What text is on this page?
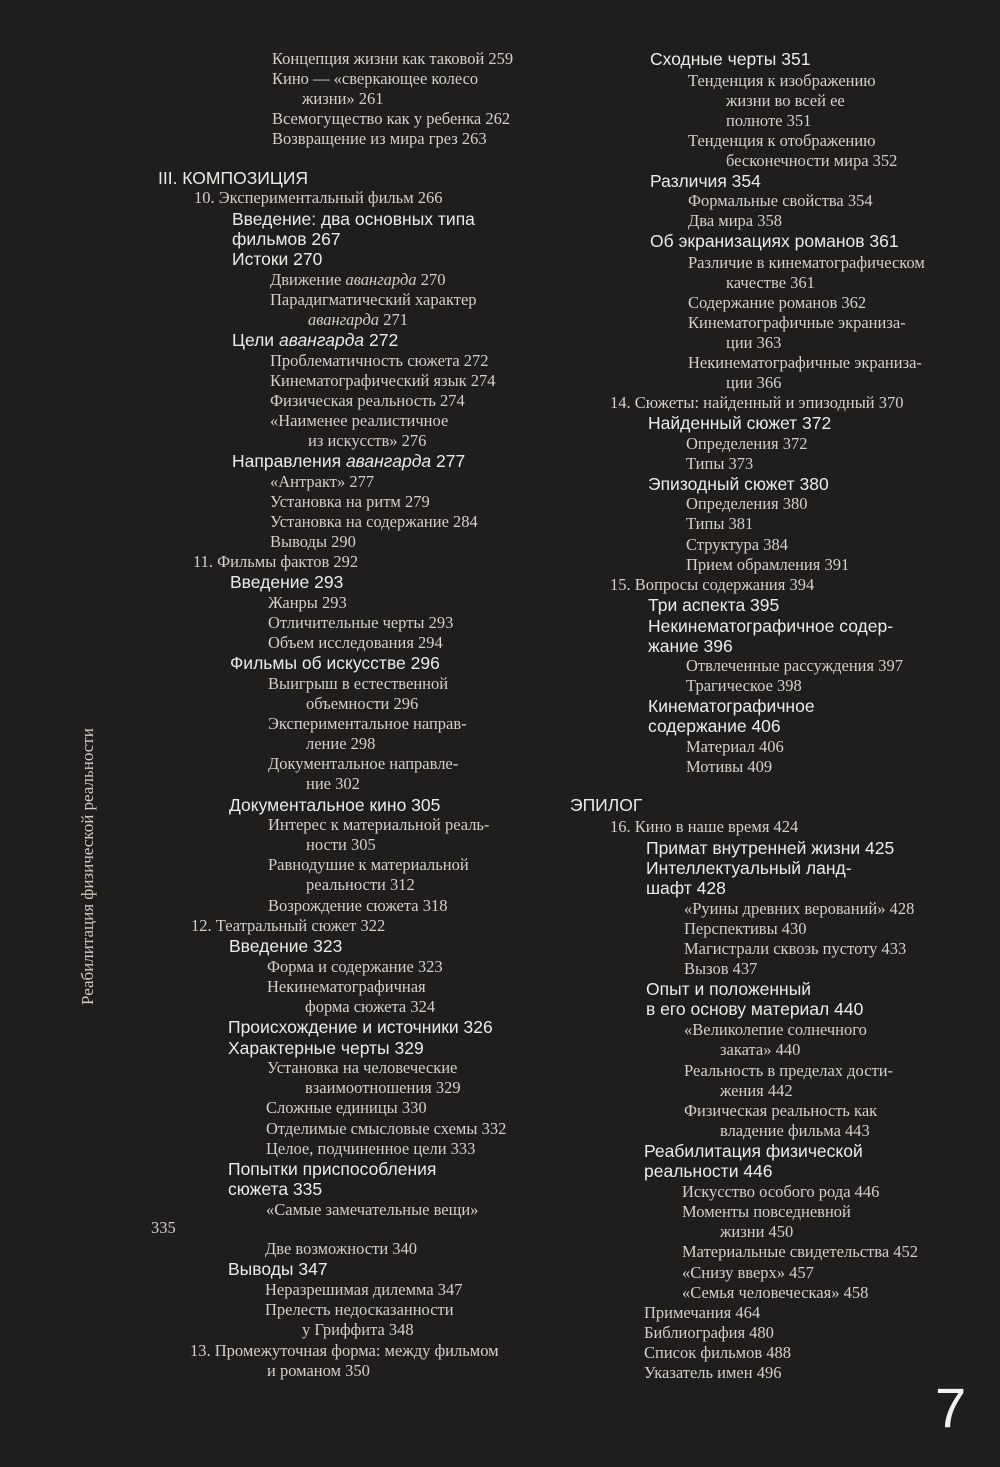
Реабилитация физической реальности
Концепция жизни как таковой 259
Кино — «сверкающее колесо
жизни» 261
Всемогущество как у ребенка 262
Возвращение из мира грез 263
III. КОМПОЗИЦИЯ
10. Экспериментальный фильм 266
Введение: два основных типа
фильмов 267
Истоки 270
Движение авангарда 270
Парадигматический характер
авангарда 271
Цели авангарда 272
Проблематичность сюжета 272
Кинематографический язык 274
Физическая реальность 274
«Наименее реалистичное
из искусств» 276
Направления авангарда 277
«Антракт» 277
Установка на ритм 279
Установка на содержание 284
Выводы 290
11. Фильмы фактов 292
Введение 293
Жанры 293
Отличительные черты 293
Объем исследования 294
Фильмы об искусстве 296
Выигрыш в естественной
объемности 296
Экспериментальное направ-
ление 298
Документальное направле-
ние 302
Документальное кино 305
Интерес к материальной реаль-
ности 305
Равнодушие к материальной
реальности 312
Возрождение сюжета 318
12. Театральный сюжет 322
Введение 323
Форма и содержание 323
Некинематографичная
форма сюжета 324
Происхождение и источники 326
Характерные черты 329
Установка на человеческие
взаимоотношения 329
Сложные единицы 330
Отделимые смысловые схемы 332
Целое, подчиненное цели 333
Попытки приспособления
сюжета 335
«Самые замечательные вещи»
335
Две возможности 340
Выводы 347
Неразрешимая дилемма 347
Прелесть недосказанности
у Гриффита 348
13. Промежуточная форма: между фильмом
и романом 350
Сходные черты 351
Тенденция к изображению
жизни во всей ее
полноте 351
Тенденция к отображению
бесконечности мира 352
Различия 354
Формальные свойства 354
Два мира 358
Об экранизациях романов 361
Различие в кинематографическом
качестве 361
Содержание романов 362
Кинематографичные экраниза-
ции 363
Некинематографичные экраниза-
ции 366
14. Сюжеты: найденный и эпизодный 370
Найденный сюжет 372
Определения 372
Типы 373
Эпизодный сюжет 380
Определения 380
Типы 381
Структура 384
Прием обрамления 391
15. Вопросы содержания 394
Три аспекта 395
Некинематографичное содер-
жание 396
Отвлеченные рассуждения 397
Трагическое 398
Кинематографичное
содержание 406
Материал 406
Мотивы 409
ЭПИЛОГ
16. Кино в наше время 424
Примат внутренней жизни 425
Интеллектуальный ланд-
шафт 428
«Руины древних верований» 428
Перспективы 430
Магистрали сквозь пустоту 433
Вызов 437
Опыт и положенный
в его основу материал 440
«Великолепие солнечного
заката» 440
Реальность в пределах дости-
жения 442
Физическая реальность как
владение фильма 443
Реабилитация физической
реальности 446
Искусство особого рода 446
Моменты повседневной
жизни 450
Материальные свидетельства 452
«Снизу вверх» 457
«Семья человеческая» 458
Примечания 464
Библиография 480
Список фильмов 488
Указатель имен 496
7
